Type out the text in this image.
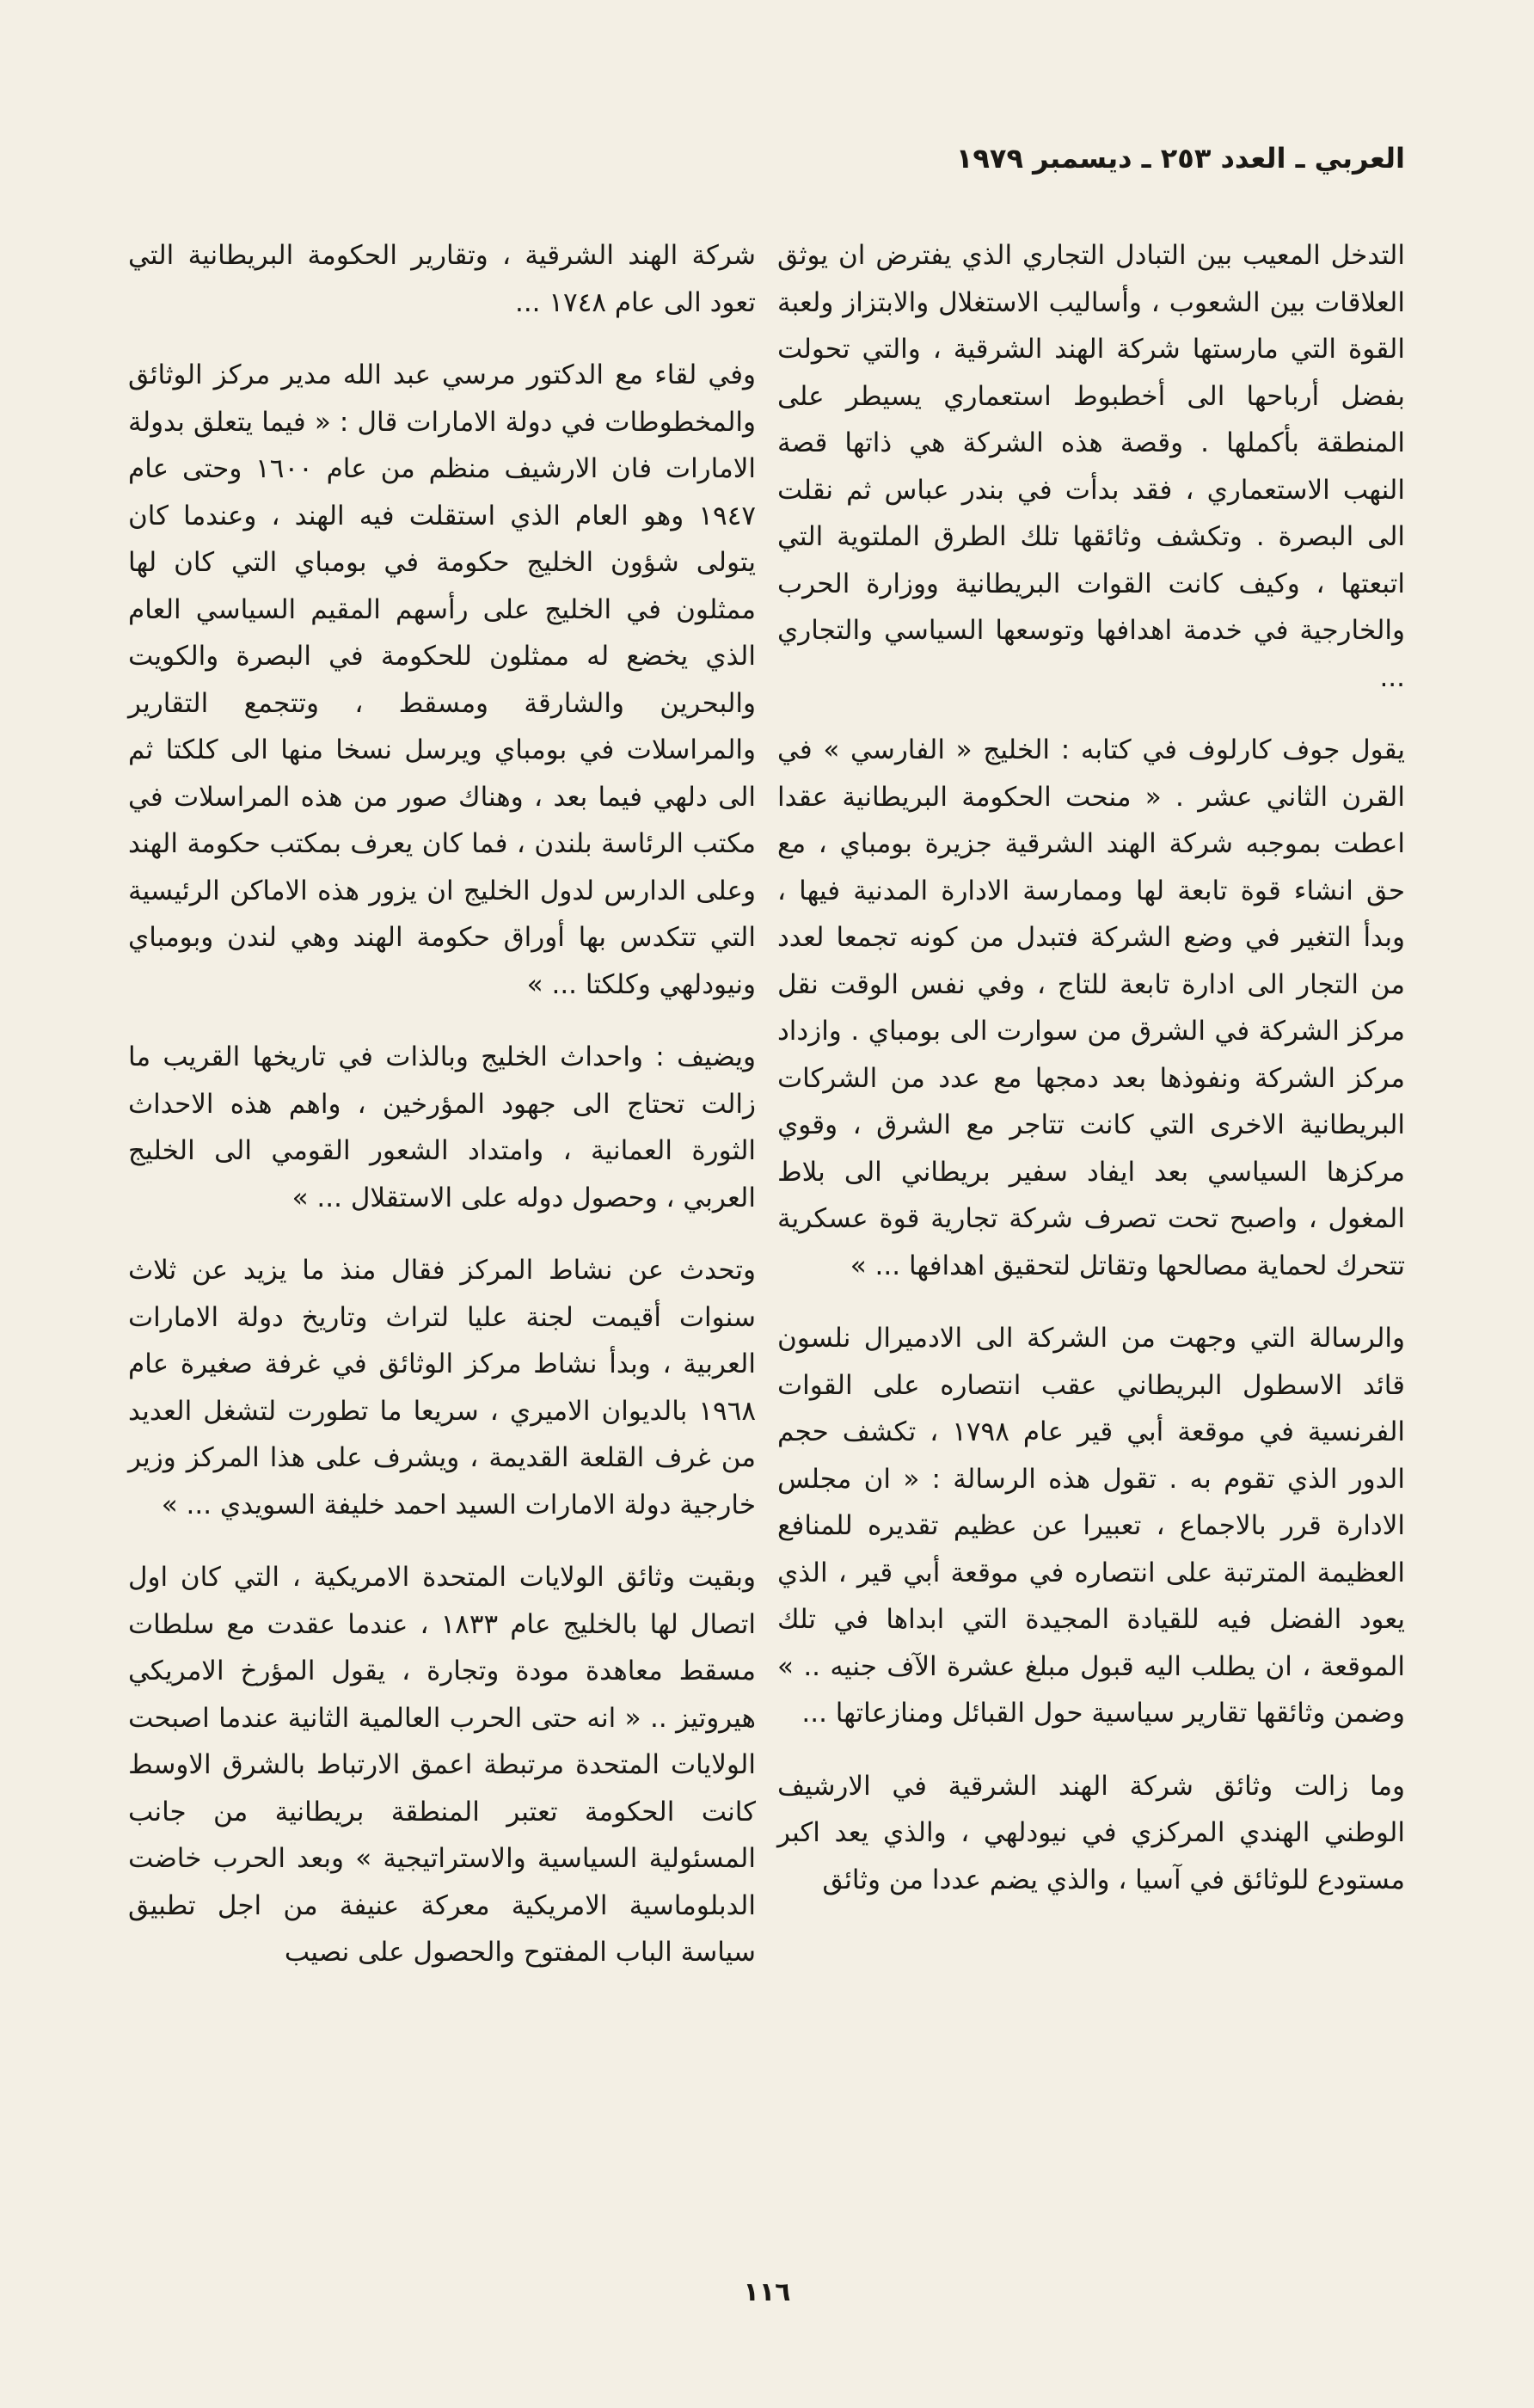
العربي ـ العدد ٢٥٣ ـ ديسمبر ١٩٧٩

التدخل المعيب بين التبادل التجاري الذي يفترض ان يوثق العلاقات بين الشعوب ، وأساليب الاستغلال والابتزاز ولعبة القوة التي مارستها شركة الهند الشرقية ، والتي تحولت بفضل أرباحها الى أخطبوط استعماري يسيطر على المنطقة بأكملها . وقصة هذه الشركة هي ذاتها قصة النهب الاستعماري ، فقد بدأت في بندر عباس ثم نقلت الى البصرة . وتكشف وثائقها تلك الطرق الملتوية التي اتبعتها ، وكيف كانت القوات البريطانية ووزارة الحرب والخارجية في خدمة اهدافها وتوسعها السياسي والتجاري ...

يقول جوف كارلوف في كتابه : الخليج « الفارسي » في القرن الثاني عشر . « منحت الحكومة البريطانية عقدا اعطت بموجبه شركة الهند الشرقية جزيرة بومباي ، مع حق انشاء قوة تابعة لها وممارسة الادارة المدنية فيها ، وبدأ التغير في وضع الشركة فتبدل من كونه تجمعا لعدد من التجار الى ادارة تابعة للتاج ، وفي نفس الوقت نقل مركز الشركة في الشرق من سوارت الى بومباي . وازداد مركز الشركة ونفوذها بعد دمجها مع عدد من الشركات البريطانية الاخرى التي كانت تتاجر مع الشرق ، وقوي مركزها السياسي بعد ايفاد سفير بريطاني الى بلاط المغول ، واصبح تحت تصرف شركة تجارية قوة عسكرية تتحرك لحماية مصالحها وتقاتل لتحقيق اهدافها ... »

والرسالة التي وجهت من الشركة الى الادميرال نلسون قائد الاسطول البريطاني عقب انتصاره على القوات الفرنسية في موقعة أبي قير عام ١٧٩٨ ، تكشف حجم الدور الذي تقوم به . تقول هذه الرسالة : « ان مجلس الادارة قرر بالاجماع ، تعبيرا عن عظيم تقديره للمنافع العظيمة المترتبة على انتصاره في موقعة أبي قير ، الذي يعود الفضل فيه للقيادة المجيدة التي ابداها في تلك الموقعة ، ان يطلب اليه قبول مبلغ عشرة الآف جنيه .. » وضمن وثائقها تقارير سياسية حول القبائل ومنازعاتها ...

وما زالت وثائق شركة الهند الشرقية في الارشيف الوطني الهندي المركزي في نيودلهي ، والذي يعد اكبر مستودع للوثائق في آسيا ، والذي يضم عددا من وثائق

شركة الهند الشرقية ، وتقارير الحكومة البريطانية التي تعود الى عام ١٧٤٨ ...

وفي لقاء مع الدكتور مرسي عبد الله مدير مركز الوثائق والمخطوطات في دولة الامارات قال : « فيما يتعلق بدولة الامارات فان الارشيف منظم من عام ١٦٠٠ وحتى عام ١٩٤٧ وهو العام الذي استقلت فيه الهند ، وعندما كان يتولى شؤون الخليج حكومة في بومباي التي كان لها ممثلون في الخليج على رأسهم المقيم السياسي العام الذي يخضع له ممثلون للحكومة في البصرة والكويت والبحرين والشارقة ومسقط ، وتتجمع التقارير والمراسلات في بومباي ويرسل نسخا منها الى كلكتا ثم الى دلهي فيما بعد ، وهناك صور من هذه المراسلات في مكتب الرئاسة بلندن ، فما كان يعرف بمكتب حكومة الهند وعلى الدارس لدول الخليج ان يزور هذه الاماكن الرئيسية التي تتكدس بها أوراق حكومة الهند وهي لندن وبومباي ونيودلهي وكلكتا ... »

ويضيف : واحداث الخليج وبالذات في تاريخها القريب ما زالت تحتاج الى جهود المؤرخين ، واهم هذه الاحداث الثورة العمانية ، وامتداد الشعور القومي الى الخليج العربي ، وحصول دوله على الاستقلال ... »

وتحدث عن نشاط المركز فقال منذ ما يزيد عن ثلاث سنوات أقيمت لجنة عليا لتراث وتاريخ دولة الامارات العربية ، وبدأ نشاط مركز الوثائق في غرفة صغيرة عام ١٩٦٨ بالديوان الاميري ، سريعا ما تطورت لتشغل العديد من غرف القلعة القديمة ، ويشرف على هذا المركز وزير خارجية دولة الامارات السيد احمد خليفة السويدي ... »

وبقيت وثائق الولايات المتحدة الامريكية ، التي كان اول اتصال لها بالخليج عام ١٨٣٣ ، عندما عقدت مع سلطات مسقط معاهدة مودة وتجارة ، يقول المؤرخ الامريكي هيروتيز .. « انه حتى الحرب العالمية الثانية عندما اصبحت الولايات المتحدة مرتبطة اعمق الارتباط بالشرق الاوسط كانت الحكومة تعتبر المنطقة بريطانية من جانب المسئولية السياسية والاستراتيجية » وبعد الحرب خاضت الدبلوماسية الامريكية معركة عنيفة من اجل تطبيق سياسة الباب المفتوح والحصول على نصيب

١١٦
